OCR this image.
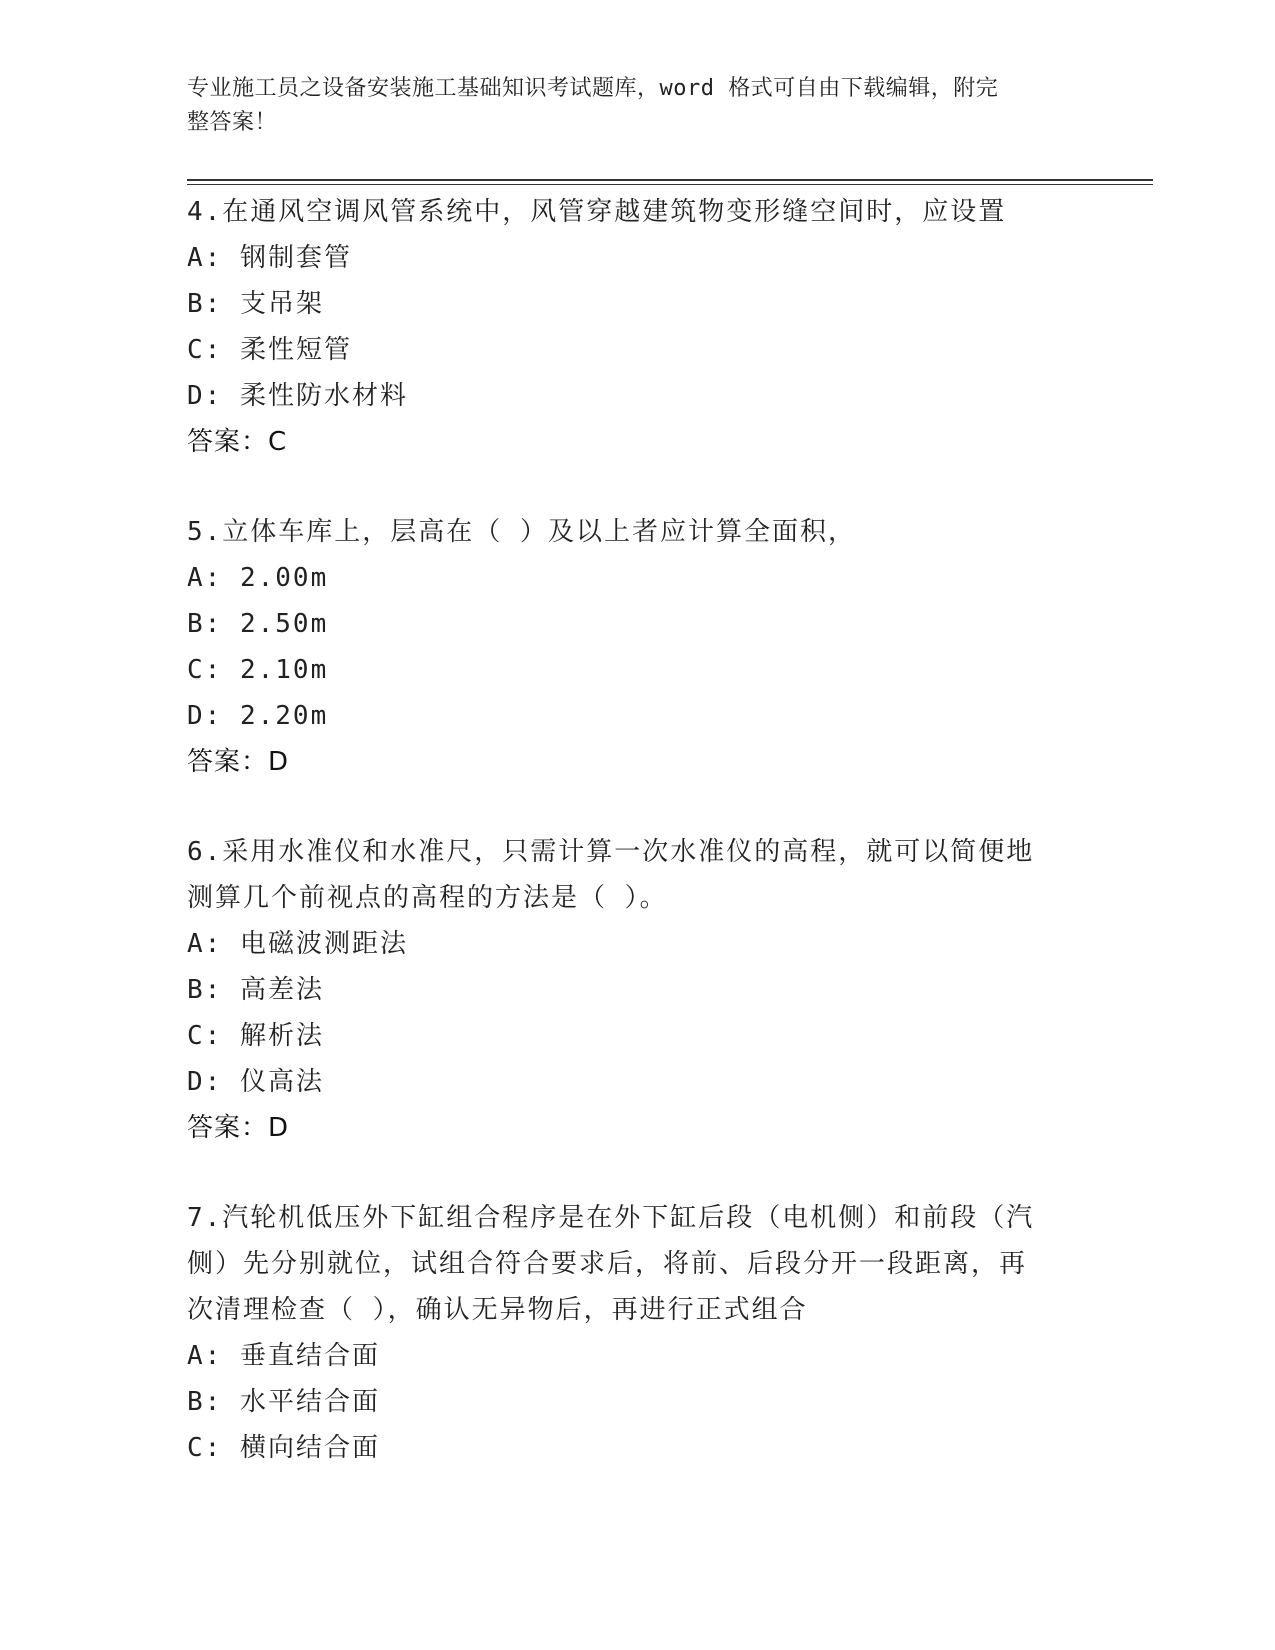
专业施工员之设备安装施工基础知识考试题库，word 格式可自由下载编辑，附完
整答案！
4.在通风空调风管系统中，风管穿越建筑物变形缝空间时，应设置
A: 钢制套管
B: 支吊架
C: 柔性短管
D: 柔性防水材料
答案：C
5.立体车库上，层高在（ ）及以上者应计算全面积，
A: 2.00m
B: 2.50m
C: 2.10m
D: 2.20m
答案：D
6.采用水准仪和水准尺，只需计算一次水准仪的高程，就可以简便地
测算几个前视点的高程的方法是（ ）。
A: 电磁波测距法
B: 高差法
C: 解析法
D: 仪高法
答案：D
7.汽轮机低压外下缸组合程序是在外下缸后段（电机侧）和前段（汽
侧）先分别就位，试组合符合要求后，将前、后段分开一段距离，再
次清理检查（ ），确认无异物后，再进行正式组合
A: 垂直结合面
B: 水平结合面
C: 横向结合面
